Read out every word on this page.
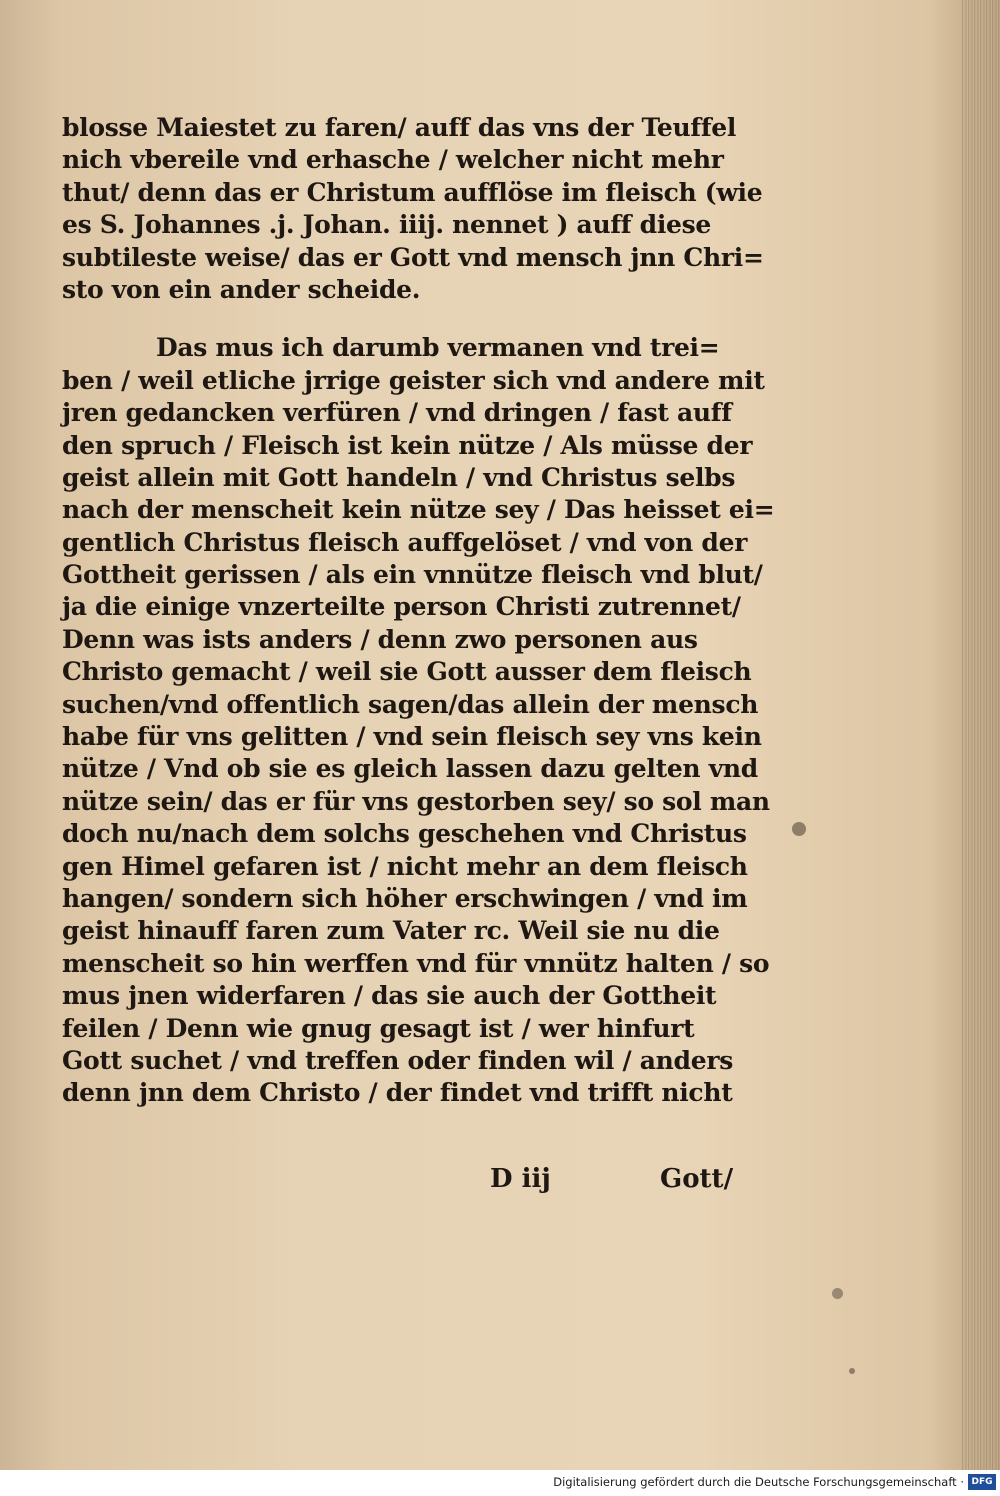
blosse Maiestet zu faren/ auff das vns der Teuffel
nich vbereile vnd erhasche / welcher nicht mehr
thut/ denn das er Christum aufflöse im fleisch (wie
es S. Johannes .j. Johan. iiij. nennet ) auff diese
subtileste weise/ das er Gott vnd mensch jnn Chri=
sto von ein ander scheide.
Das mus ich darumb vermanen vnd trei=
ben / weil etliche jrrige geister sich vnd andere mit
jren gedancken verfüren / vnd dringen / fast auff
den spruch / Fleisch ist kein nütze / Als müsse der
geist allein mit Gott handeln / vnd Christus selbs
nach der menscheit kein nütze sey / Das heisset ei=
gentlich Christus fleisch auffgelöset / vnd von der
Gottheit gerissen / als ein vnnütze fleisch vnd blut/
ja die einige vnzerteilte person Christi zutrennet/
Denn was ists anders / denn zwo personen aus
Christo gemacht / weil sie Gott ausser dem fleisch
suchen/vnd offentlich sagen/das allein der mensch
habe für vns gelitten / vnd sein fleisch sey vns kein
nütze / Vnd ob sie es gleich lassen dazu gelten vnd
nütze sein/ das er für vns gestorben sey/ so sol man
doch nu/nach dem solchs geschehen vnd Christus
gen Himel gefaren ist / nicht mehr an dem fleisch
hangen/ sondern sich höher erschwingen / vnd im
geist hinauff faren zum Vater rc. Weil sie nu die
menscheit so hin werffen vnd für vnnütz halten / so
mus jnen widerfaren / das sie auch der Gottheit
feilen / Denn wie gnug gesagt ist / wer hinfurt
Gott suchet / vnd treffen oder finden wil / anders
denn jnn dem Christo / der findet vnd trifft nicht
D iij	Gott/
Digitalisierung gefördert durch die Deutsche Forschungsgemeinschaft · DFG
